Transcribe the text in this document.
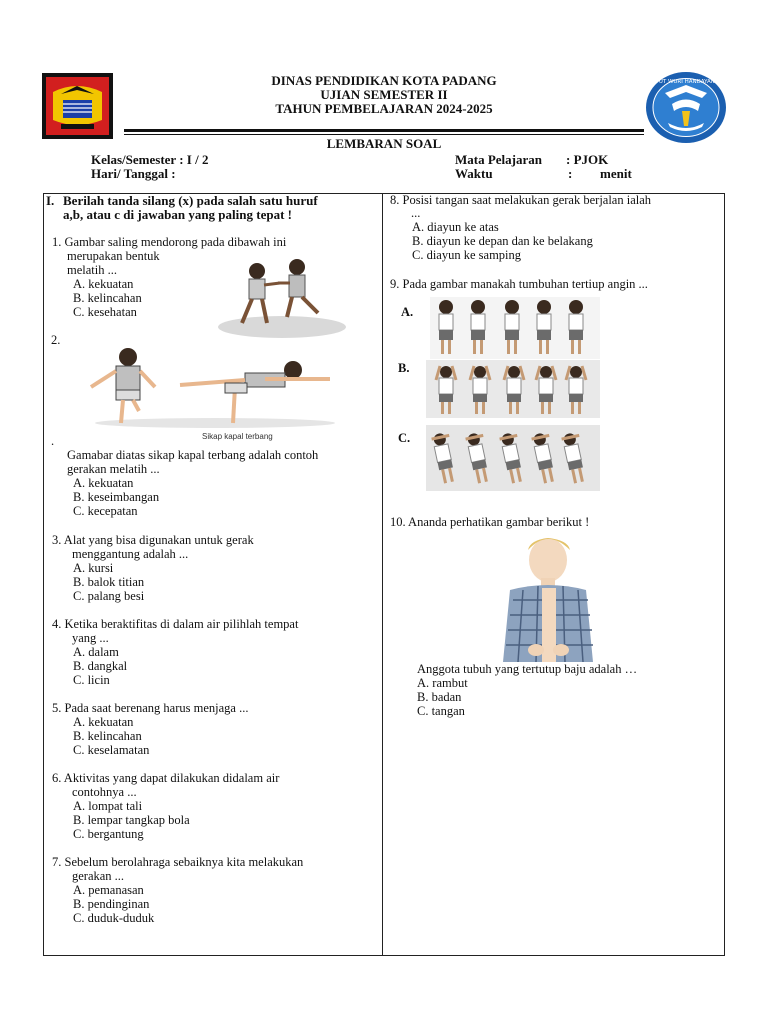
DINAS PENDIDIKAN KOTA PADANG
UJIAN SEMESTER II
TAHUN PEMBELAJARAN 2024-2025
TUT WURI HANDAYANI
LEMBARAN SOAL
Kelas/Semester : I / 2
Hari/ Tanggal :
Mata Pelajaran : PJOK
Waktu	: menit
I. Berilah tanda silang (x) pada salah satu huruf
a,b, atau c di jawaban yang paling tepat !
1. Gambar saling mendorong pada dibawah ini
merupakan bentuk
melatih ...
A. kekuatan
B. kelincahan
C. kesehatan
2.
Sikap kapal terbang
.
Gamabar diatas sikap kapal terbang adalah contoh
gerakan melatih ...
A. kekuatan
B. keseimbangan
C. kecepatan
3. Alat yang bisa digunakan untuk gerak
menggantung adalah ...
A. kursi
B. balok titian
C. palang besi
4. Ketika beraktifitas di dalam air pilihlah tempat
yang ...
A. dalam
B. dangkal
C. licin
5. Pada saat berenang harus menjaga ...
A. kekuatan
B. kelincahan
C. keselamatan
6. Aktivitas yang dapat dilakukan didalam air
contohnya ...
A. lompat tali
B. lempar tangkap bola
C. bergantung
7. Sebelum berolahraga sebaiknya kita melakukan
gerakan ...
A. pemanasan
B. pendinginan
C. duduk-duduk
8. Posisi tangan saat melakukan gerak berjalan ialah
...
A. diayun ke atas
B. diayun ke depan dan ke belakang
C. diayun ke samping
9. Pada gambar manakah tumbuhan tertiup angin ...
A.
B.
C.
10. Ananda perhatikan gambar berikut !
Anggota tubuh yang tertutup baju adalah …
A. rambut
B. badan
C. tangan
